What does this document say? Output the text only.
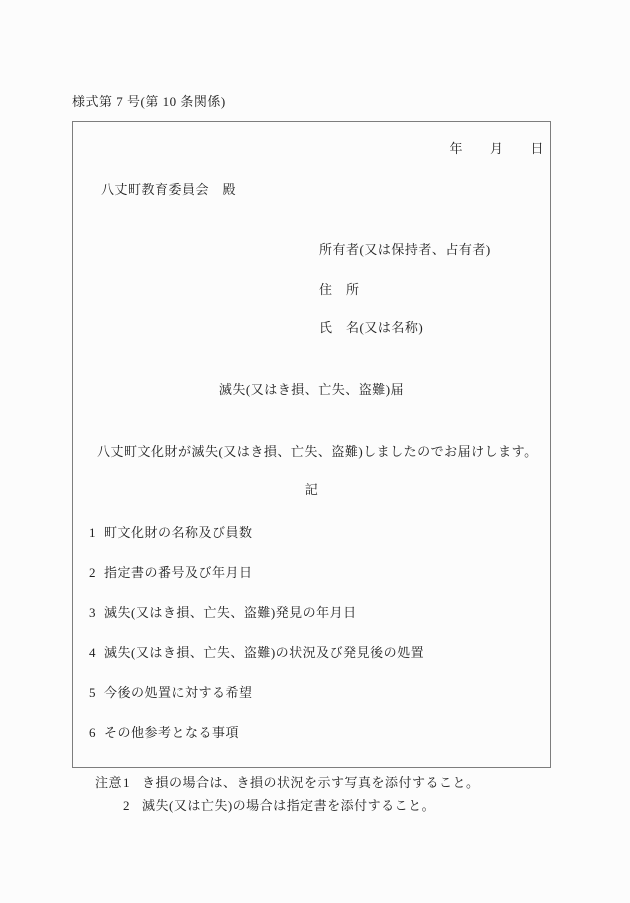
様式第 7 号(第 10 条関係)
年　　月　　日
八丈町教育委員会　殿
所有者(又は保持者、占有者)
住　所
氏　名(又は名称)
滅失(又はき損、亡失、盗難)届
八丈町文化財が滅失(又はき損、亡失、盗難)しましたのでお届けします。
記
1 町文化財の名称及び員数
2 指定書の番号及び年月日
3 滅失(又はき損、亡失、盗難)発見の年月日
4 滅失(又はき損、亡失、盗難)の状況及び発見後の処置
5 今後の処置に対する希望
6 その他参考となる事項
注意 1 き損の場合は、き損の状況を示す写真を添付すること。
2 滅失(又は亡失)の場合は指定書を添付すること。
